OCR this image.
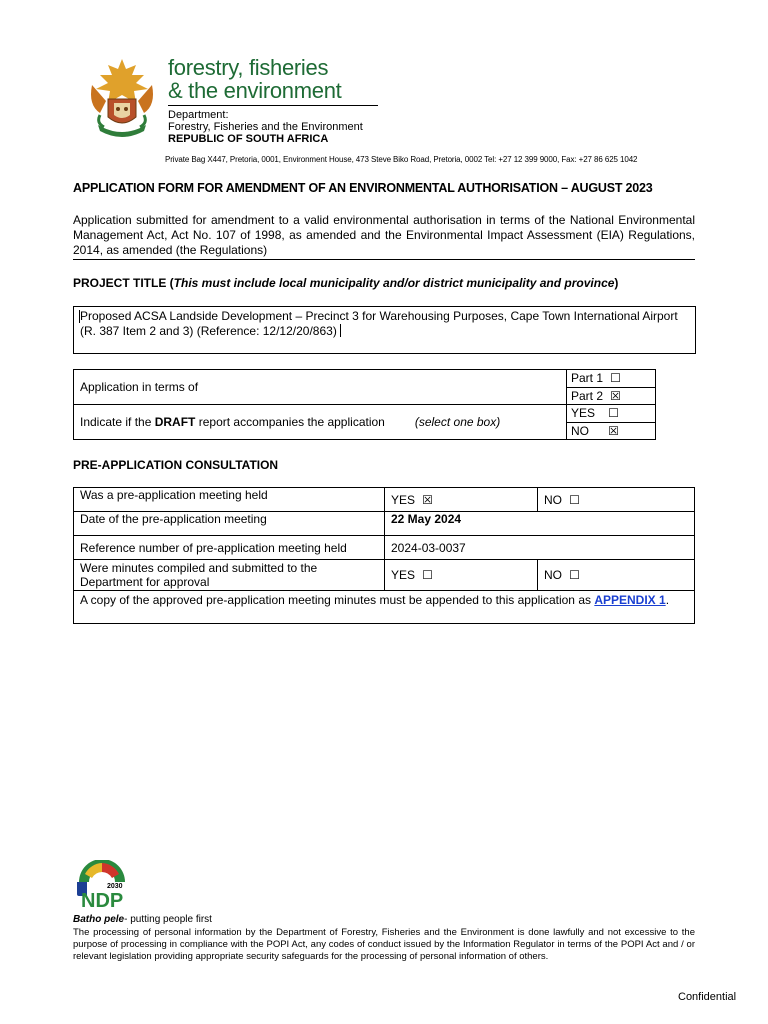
forestry, fisheries
& the environment
Department:
Forestry, Fisheries and the Environment
REPUBLIC OF SOUTH AFRICA
Private Bag X447, Pretoria, 0001, Environment House, 473 Steve Biko Road, Pretoria, 0002 Tel: +27 12 399 9000, Fax: +27 86 625 1042
APPLICATION FORM FOR AMENDMENT OF AN ENVIRONMENTAL AUTHORISATION – AUGUST 2023
Application submitted for amendment to a valid environmental authorisation in terms of the National Environmental Management Act, Act No. 107 of 1998, as amended and the Environmental Impact Assessment (EIA) Regulations, 2014, as amended (the Regulations)
PROJECT TITLE (This must include local municipality and/or district municipality and province)
Proposed ACSA Landside Development – Precinct 3 for Warehousing Purposes, Cape Town International Airport (R. 387 Item 2 and 3) (Reference: 12/12/20/863)
Application in terms of	Part 1 ☐
	Part 2 ☒
Indicate if the DRAFT report accompanies the application (select one box)	YES ☐
	NO ☒
PRE-APPLICATION CONSULTATION
Was a pre-application meeting held	YES ☒	NO ☐
Date of the pre-application meeting	22 May 2024	
Reference number of pre-application meeting held	2024-03-0037	
Were minutes compiled and submitted to the Department for approval	YES ☐	NO ☐
A copy of the approved pre-application meeting minutes must be appended to this application as APPENDIX 1.		
2030
NDP
Batho pele- putting people first
The processing of personal information by the Department of Forestry, Fisheries and the Environment is done lawfully and not excessive to the purpose of processing in compliance with the POPI Act, any codes of conduct issued by the Information Regulator in terms of the POPI Act and / or relevant legislation providing appropriate security safeguards for the processing of personal information of others.
Confidential
